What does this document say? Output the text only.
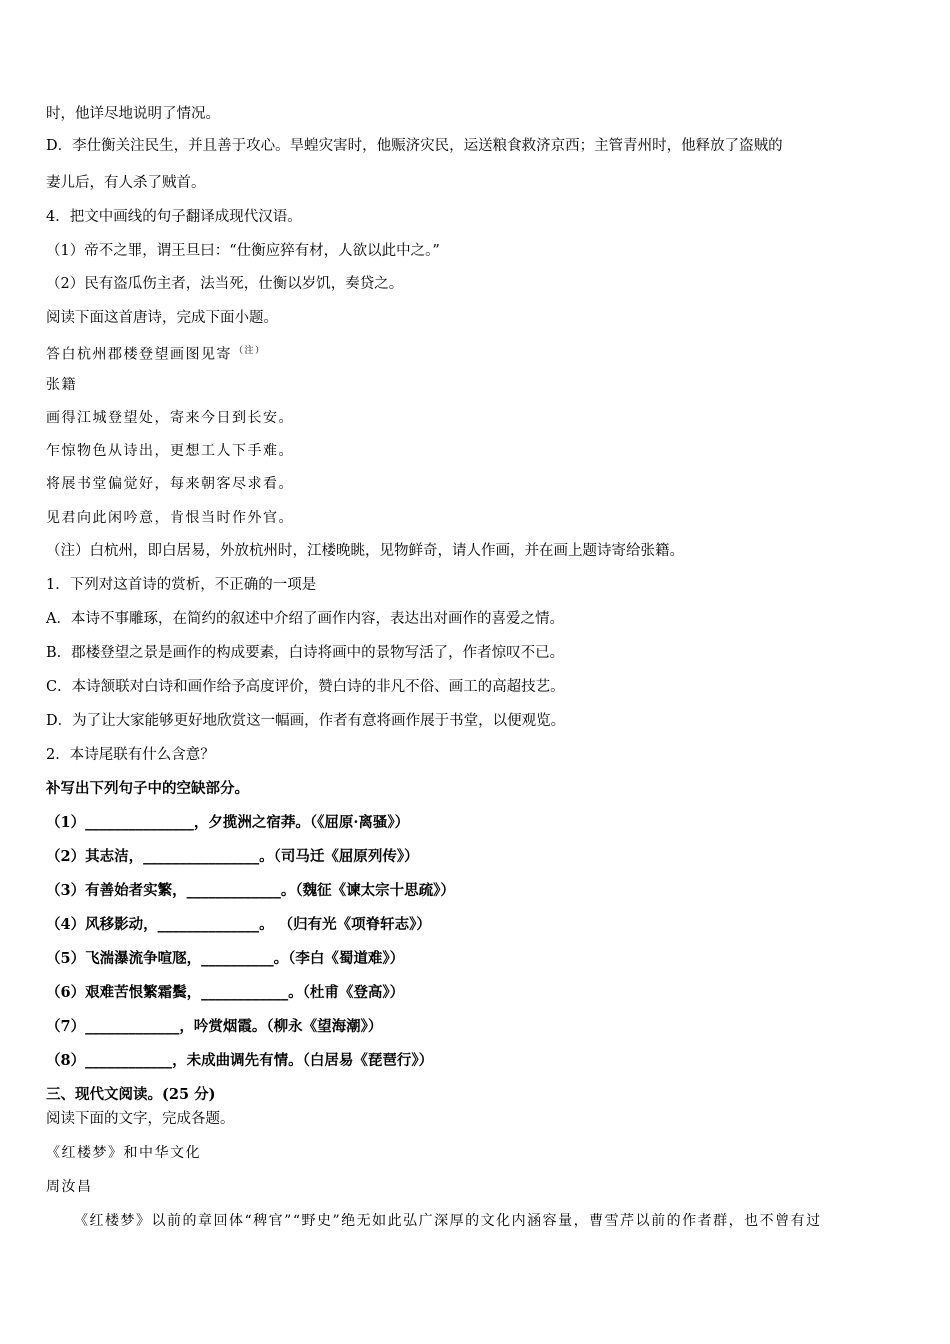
时，他详尽地说明了情况。
D．李仕衡关注民生，并且善于攻心。旱蝗灾害时，他赈济灾民，运送粮食救济京西；主管青州时，他释放了盗贼的
妻儿后，有人杀了贼首。
4．把文中画线的句子翻译成现代汉语。
（1）帝不之罪，谓王旦曰：“仕衡应猝有材，人欲以此中之。”
（2）民有盗瓜伤主者，法当死，仕衡以岁饥，奏贷之。
阅读下面这首唐诗，完成下面小题。
答白杭州郡楼登望画图见寄 $^{(注)}$
张籍
画得江城登望处，寄来今日到长安。
乍惊物色从诗出，更想工人下手难。
将展书堂偏觉好，每来朝客尽求看。
见君向此闲吟意，肯恨当时作外官。
（注）白杭州，即白居易，外放杭州时，江楼晚眺，见物鲜奇，请人作画，并在画上题诗寄给张籍。
1．下列对这首诗的赏析，不正确的一项是
A．本诗不事雕琢，在简约的叙述中介绍了画作内容，表达出对画作的喜爱之情。
B．郡楼登望之景是画作的构成要素，白诗将画中的景物写活了，作者惊叹不已。
C．本诗颔联对白诗和画作给予高度评价，赞白诗的非凡不俗、画工的高超技艺。
D．为了让大家能够更好地欣赏这一幅画，作者有意将画作展于书堂，以便观览。
2．本诗尾联有什么含意？
补写出下列句子中的空缺部分。
（1）_______________，夕揽洲之宿莽。（《屈原·离骚》）
（2）其志洁，________________。（司马迁《屈原列传》）
（3）有善始者实繁，_____________。（魏征《谏太宗十思疏》）
（4）风移影动，______________。 （归有光《项脊轩志》）
（5）飞湍瀑流争喧豗，__________。（李白《蜀道难》）
（6）艰难苦恨繁霜鬓，____________。（杜甫《登高》）
（7）_____________，吟赏烟霞。（柳永《望海潮》）
（8）____________，未成曲调先有情。（白居易《琵琶行》）
三、现代文阅读。(25 分)
阅读下面的文字，完成各题。
《红楼梦》和中华文化
周汝昌
《红楼梦》以前的章回体“稗官”“野史”绝无如此弘广深厚的文化内涵容量，曹雪芹以前的作者群，也不曾有过
